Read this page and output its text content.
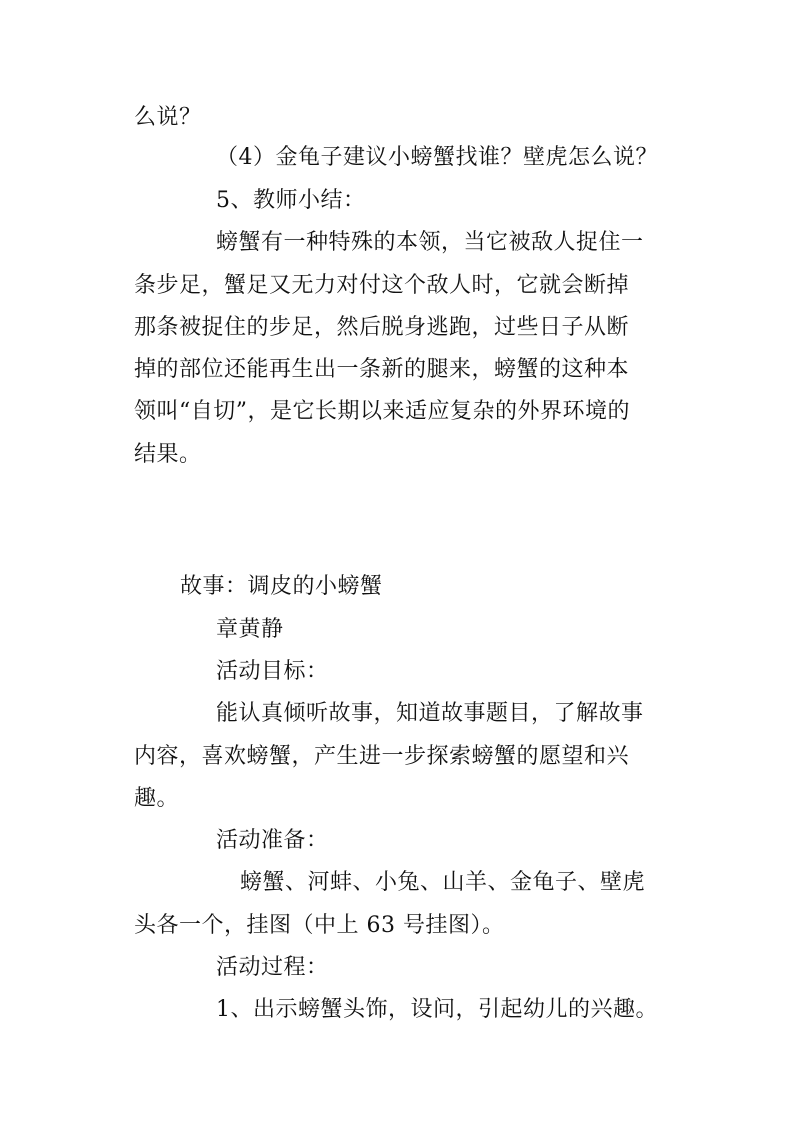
么说？
（4）金龟子建议小螃蟹找谁？壁虎怎么说？
5、教师小结：
螃蟹有一种特殊的本领，当它被敌人捉住一
条步足，蟹足又无力对付这个敌人时，它就会断掉
那条被捉住的步足，然后脱身逃跑，过些日子从断
掉的部位还能再生出一条新的腿来，螃蟹的这种本
领叫“自切”，是它长期以来适应复杂的外界环境的
结果。
故事：调皮的小螃蟹
章黄静
活动目标：
能认真倾听故事，知道故事题目，了解故事
内容，喜欢螃蟹，产生进一步探索螃蟹的愿望和兴
趣。
活动准备：
螃蟹、河蚌、小兔、山羊、金龟子、壁虎
头各一个，挂图（中上 63 号挂图）。
活动过程：
1、出示螃蟹头饰，设问，引起幼儿的兴趣。
